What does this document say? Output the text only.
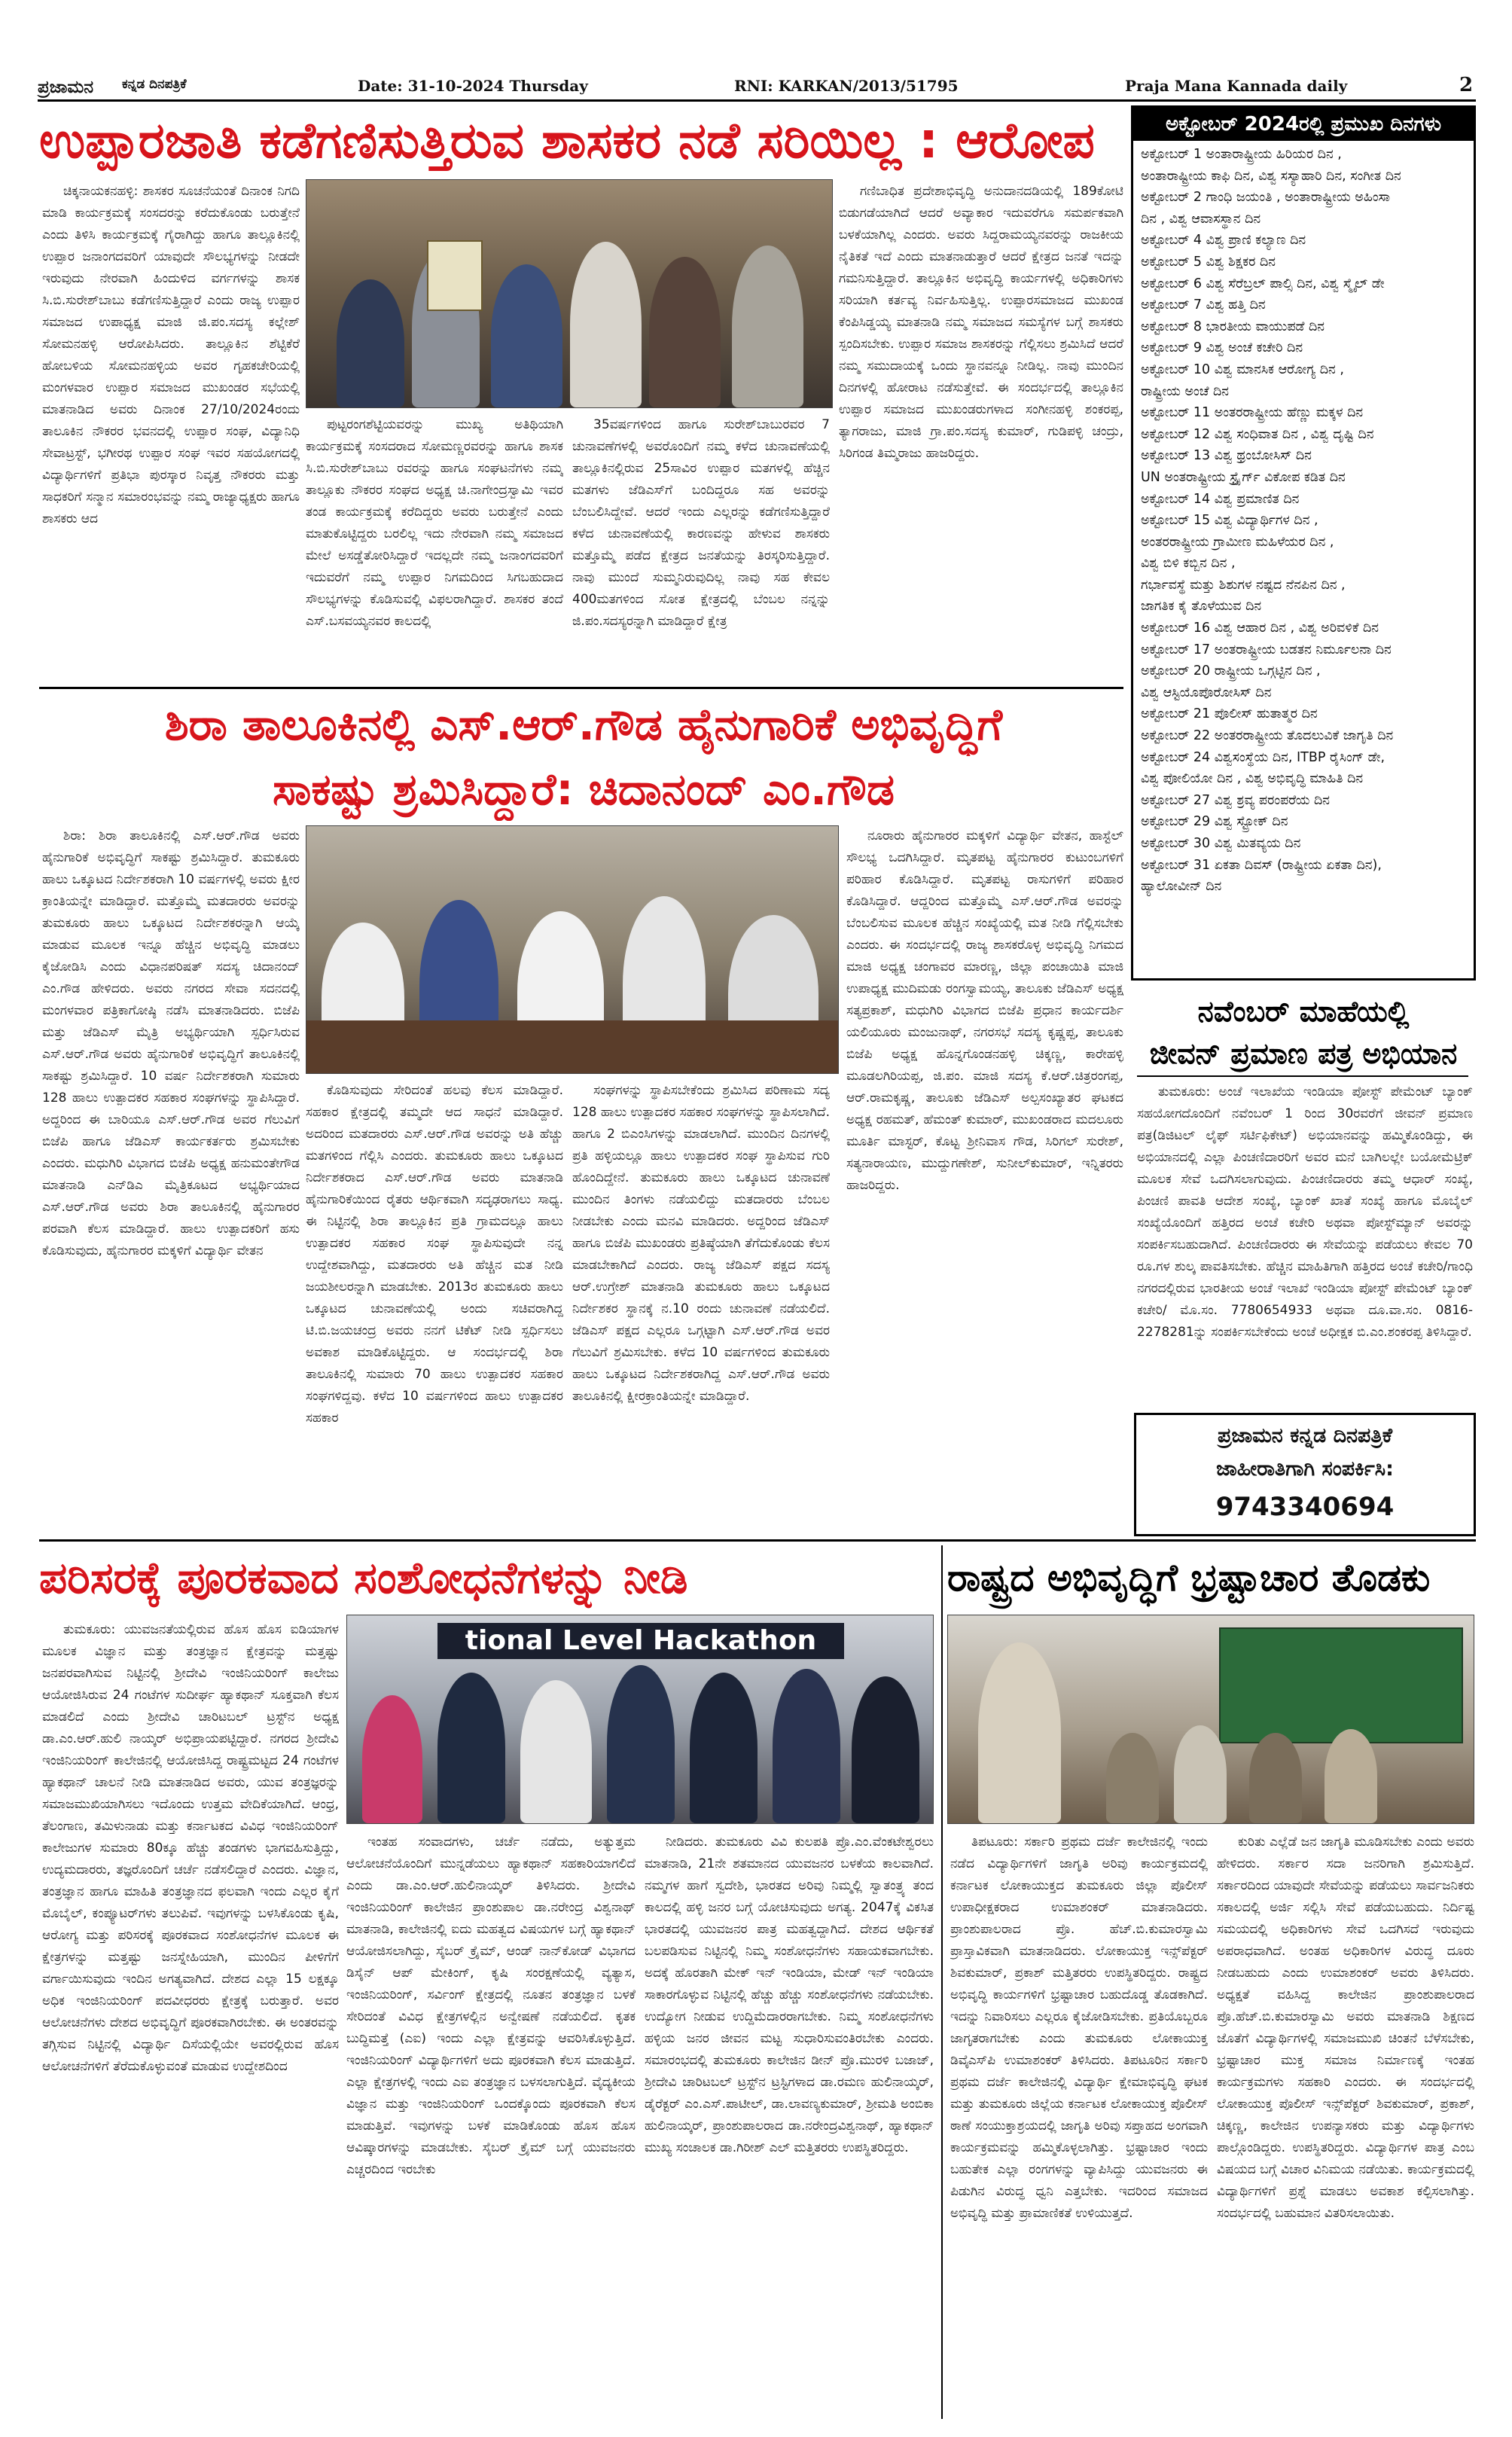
ಪ್ರಜಾಮನ ಕನ್ನಡ ದಿನಪತ್ರಿಕೆ	Date: 31-10-2024 Thursday	RNI: KARKAN/2013/51795	Praja Mana Kannada daily	2
ಉಪ್ಪಾರಜಾತಿ ಕಡೆಗಣಿಸುತ್ತಿರುವ ಶಾಸಕರ ನಡೆ ಸರಿಯಿಲ್ಲ : ಆರೋಪ

ಚಿಕ್ಕನಾಯಕನಹಳ್ಳಿ: ಶಾಸಕರ ಸೂಚನೆಯಂತೆ ದಿನಾಂಕ ನಿಗದಿ ಮಾಡಿ ಕಾರ್ಯಕ್ರಮಕ್ಕೆ ಸಂಸದರನ್ನು ಕರೆದುಕೊಂಡು ಬರುತ್ತೇನೆ ಎಂದು ತಿಳಿಸಿ ಕಾರ್ಯಕ್ರಮಕ್ಕೆ ಗೈರಾಗಿದ್ದು ಹಾಗೂ ತಾಲ್ಲೂಕಿನಲ್ಲಿ ಉಪ್ಪಾರ ಜನಾಂಗದವರಿಗೆ ಯಾವುದೇ ಸೌಲಭ್ಯಗಳನ್ನು ನೀಡದೇ ಇರುವುದು ನೇರವಾಗಿ ಹಿಂದುಳಿದ ವರ್ಗಗಳನ್ನು ಶಾಸಕ ಸಿ.ಬಿ.ಸುರೇಶ್‌ಬಾಬು ಕಡೆಗಣಿಸುತ್ತಿದ್ದಾರೆ ಎಂದು ರಾಜ್ಯ ಉಪ್ಪಾರ ಸಮಾಜದ ಉಪಾಧ್ಯಕ್ಷ ಮಾಜಿ ಜಿ.ಪಂ.ಸದಸ್ಯ ಕಲ್ಲೇಶ್ ಸೋಮನಹಳ್ಳಿ ಆರೋಪಿಸಿದರು. ತಾಲ್ಲೂಕಿನ ಶೆಟ್ಟಿಕೆರೆ ಹೋಬಳಿಯ ಸೋಮನಹಳ್ಳಿಯ ಅವರ ಗೃಹಕಚೇರಿಯಲ್ಲಿ ಮಂಗಳವಾರ ಉಪ್ಪಾರ ಸಮಾಜದ ಮುಖಂಡರ ಸಭೆಯಲ್ಲಿ ಮಾತನಾಡಿದ ಅವರು ದಿನಾಂಕ 27/10/2024ರಂದು ತಾಲೂಕಿನ ನೌಕರರ ಭವನದಲ್ಲಿ ಉಪ್ಪಾರ ಸಂಘ, ವಿದ್ಯಾನಿಧಿ ಸೇವಾಟ್ರಸ್ಟ್, ಭಗೀರಥ ಉಪ್ಪಾರ ಸಂಘ ಇವರ ಸಹಯೋಗದಲ್ಲಿ ವಿದ್ಯಾರ್ಥಿಗಳಿಗೆ ಪ್ರತಿಭಾ ಪುರಸ್ಕಾರ ನಿವೃತ್ತ ನೌಕರರು ಮತ್ತು ಸಾಧಕರಿಗೆ ಸನ್ಮಾನ ಸಮಾರಂಭವನ್ನು ನಮ್ಮ ರಾಜ್ಯಾಧ್ಯಕ್ಷರು ಹಾಗೂ ಶಾಸಕರು ಆದ

ಪುಟ್ಟರಂಗಶೆಟ್ಟಿಯವರನ್ನು ಮುಖ್ಯ ಅತಿಥಿಯಾಗಿ ಕಾರ್ಯಕ್ರಮಕ್ಕೆ ಸಂಸದರಾದ ಸೋಮಣ್ಣರವರನ್ನು ಹಾಗೂ ಶಾಸಕ ಸಿ.ಬಿ.ಸುರೇಶ್‌ಬಾಬು ರವರನ್ನು ಹಾಗೂ ಸಂಘಟನೆಗಳು ನಮ್ಮ ತಾಲ್ಲೂಕು ನೌಕರರ ಸಂಘದ ಅಧ್ಯಕ್ಷ ಚಿ.ನಾಗೇಂದ್ರಸ್ವಾಮಿ ಇವರ ತಂಡ ಕಾರ್ಯಕ್ರಮಕ್ಕೆ ಕರೆದಿದ್ದರು ಅವರು ಬರುತ್ತೇನೆ ಎಂದು ಮಾತುಕೊಟ್ಟಿದ್ದರು ಬರಲಿಲ್ಲ ಇದು ನೇರವಾಗಿ ನಮ್ಮ ಸಮಾಜದ ಮೇಲೆ ಅಸಡ್ಡೆತೋರಿಸಿದ್ದಾರೆ ಇದಲ್ಲದೇ ನಮ್ಮ ಜನಾಂಗದವರಿಗೆ ಇದುವರೆಗೆ ನಮ್ಮ ಉಪ್ಪಾರ ನಿಗಮದಿಂದ ಸಿಗಬಹುದಾದ ಸೌಲಭ್ಯಗಳನ್ನು ಕೊಡಿಸುವಲ್ಲಿ ವಿಫಲರಾಗಿದ್ದಾರೆ. ಶಾಸಕರ ತಂದೆ ಎಸ್.ಬಸವಯ್ಯನವರ ಕಾಲದಲ್ಲಿ

35ವರ್ಷಗಳಿಂದ ಹಾಗೂ ಸುರೇಶ್‌ಬಾಬುರವರ 7 ಚುನಾವಣೆಗಳಲ್ಲಿ ಅವರೊಂದಿಗೆ ನಮ್ಮ ಕಳೆದ ಚುನಾವಣೆಯಲ್ಲಿ ತಾಲ್ಲೂಕಿನಲ್ಲಿರುವ 25ಸಾವಿರ ಉಪ್ಪಾರ ಮತಗಳಲ್ಲಿ ಹೆಚ್ಚಿನ ಮತಗಳು ಜೆಡಿಎಸ್‌ಗೆ ಬಂದಿದ್ದರೂ ಸಹ ಅವರನ್ನು ಬೆಂಬಲಿಸಿದ್ದೇವೆ. ಆದರೆ ಇಂದು ಎಲ್ಲರನ್ನು ಕಡೆಗಣಿಸುತ್ತಿದ್ದಾರೆ ಕಳೆದ ಚುನಾವಣೆಯಲ್ಲಿ ಕಾರಣವನ್ನು ಹೇಳುವ ಶಾಸಕರು ಮತ್ತೊಮ್ಮೆ ಪಡೆದ ಕ್ಷೇತ್ರದ ಜನತೆಯನ್ನು ತಿರಸ್ಕರಿಸುತ್ತಿದ್ದಾರೆ. ನಾವು ಮುಂದೆ ಸುಮ್ಮನಿರುವುದಿಲ್ಲ ನಾವು ಸಹ ಕೇವಲ 400ಮತಗಳಿಂದ ಸೋತ ಕ್ಷೇತ್ರದಲ್ಲಿ ಬೆಂಬಲ ನನ್ನನ್ನು ಜಿ.ಪಂ.ಸದಸ್ಯರನ್ನಾಗಿ ಮಾಡಿದ್ದಾರೆ ಕ್ಷೇತ್ರ

ಗಣಿಬಾಧಿತ ಪ್ರದೇಶಾಭಿವೃದ್ಧಿ ಅನುದಾನದಡಿಯಲ್ಲಿ 189ಕೋಟಿ ಬಿಡುಗಡೆಯಾಗಿದೆ ಆದರೆ ಅವ್ಯಾಕಾರ ಇದುವರೆಗೂ ಸಮರ್ಪಕವಾಗಿ ಬಳಕೆಯಾಗಿಲ್ಲ ಎಂದರು. ಅವರು ಸಿದ್ದರಾಮಯ್ಯನವರನ್ನು ರಾಜಕೀಯ ನೈತಿಕತೆ ಇದೆ ಎಂದು ಮಾತನಾಡುತ್ತಾರೆ ಆದರೆ ಕ್ಷೇತ್ರದ ಜನತೆ ಇದನ್ನು ಗಮನಿಸುತ್ತಿದ್ದಾರೆ. ತಾಲ್ಲೂಕಿನ ಅಭಿವೃದ್ಧಿ ಕಾರ್ಯಗಳಲ್ಲಿ ಅಧಿಕಾರಿಗಳು ಸರಿಯಾಗಿ ಕರ್ತವ್ಯ ನಿರ್ವಹಿಸುತ್ತಿಲ್ಲ. ಉಪ್ಪಾರಸಮಾಜದ ಮುಖಂಡ ಕೆಂಪಿಸಿಡ್ಡಯ್ಯ ಮಾತನಾಡಿ ನಮ್ಮ ಸಮಾಜದ ಸಮಸ್ಯೆಗಳ ಬಗ್ಗೆ ಶಾಸಕರು ಸ್ಪಂದಿಸಬೇಕು. ಉಪ್ಪಾರ ಸಮಾಜ ಶಾಸಕರನ್ನು ಗೆಲ್ಲಿಸಲು ಶ್ರಮಿಸಿದೆ ಆದರೆ ನಮ್ಮ ಸಮುದಾಯಕ್ಕೆ ಒಂದು ಸ್ಥಾನವನ್ನೂ ನೀಡಿಲ್ಲ. ನಾವು ಮುಂದಿನ ದಿನಗಳಲ್ಲಿ ಹೋರಾಟ ನಡೆಸುತ್ತೇವೆ. ಈ ಸಂದರ್ಭದಲ್ಲಿ ತಾಲ್ಲೂಕಿನ ಉಪ್ಪಾರ ಸಮಾಜದ ಮುಖಂಡರುಗಳಾದ ಸಂಗೀನಹಳ್ಳಿ ಶಂಕರಪ್ಪ, ತ್ಯಾಗರಾಜು, ಮಾಜಿ ಗ್ರಾ.ಪಂ.ಸದಸ್ಯ ಕುಮಾರ್, ಗುಡಿಪಳ್ಳಿ ಚಂದ್ರು, ಸಿರಿಗಂಡ ತಿಮ್ಮರಾಜು ಹಾಜರಿದ್ದರು.

ಶಿರಾ ತಾಲೂಕಿನಲ್ಲಿ ಎಸ್.ಆರ್.ಗೌಡ ಹೈನುಗಾರಿಕೆ ಅಭಿವೃದ್ಧಿಗೆ
ಸಾಕಷ್ಟು ಶ್ರಮಿಸಿದ್ದಾರೆ: ಚಿದಾನಂದ್ ಎಂ.ಗೌಡ

ಶಿರಾ: ಶಿರಾ ತಾಲೂಕಿನಲ್ಲಿ ಎಸ್.ಆರ್.ಗೌಡ ಅವರು ಹೈನುಗಾರಿಕೆ ಅಭಿವೃದ್ಧಿಗೆ ಸಾಕಷ್ಟು ಶ್ರಮಿಸಿದ್ದಾರೆ. ತುಮಕೂರು ಹಾಲು ಒಕ್ಕೂಟದ ನಿರ್ದೇಶಕರಾಗಿ 10 ವರ್ಷಗಳಲ್ಲಿ ಅವರು ಕ್ಷೀರ ಕ್ರಾಂತಿಯನ್ನೇ ಮಾಡಿದ್ದಾರೆ. ಮತ್ತೊಮ್ಮೆ ಮತದಾರರು ಅವರನ್ನು ತುಮಕೂರು ಹಾಲು ಒಕ್ಕೂಟದ ನಿರ್ದೇಶಕರನ್ನಾಗಿ ಆಯ್ಕೆ ಮಾಡುವ ಮೂಲಕ ಇನ್ನೂ ಹೆಚ್ಚಿನ ಅಭಿವೃದ್ಧಿ ಮಾಡಲು ಕೈಜೋಡಿಸಿ ಎಂದು ವಿಧಾನಪರಿಷತ್ ಸದಸ್ಯ ಚಿದಾನಂದ್ ಎಂ.ಗೌಡ ಹೇಳಿದರು. ಅವರು ನಗರದ ಸೇವಾ ಸದನದಲ್ಲಿ ಮಂಗಳವಾರ ಪತ್ರಿಕಾಗೋಷ್ಠಿ ನಡೆಸಿ ಮಾತನಾಡಿದರು. ಬಿಜೆಪಿ ಮತ್ತು ಜೆಡಿಎಸ್ ಮೈತ್ರಿ ಅಭ್ಯರ್ಥಿಯಾಗಿ ಸ್ಪರ್ಧಿಸಿರುವ ಎಸ್.ಆರ್.ಗೌಡ ಅವರು ಹೈನುಗಾರಿಕೆ ಅಭಿವೃದ್ಧಿಗೆ ತಾಲೂಕಿನಲ್ಲಿ ಸಾಕಷ್ಟು ಶ್ರಮಿಸಿದ್ದಾರೆ. 10 ವರ್ಷ ನಿರ್ದೇಶಕರಾಗಿ ಸುಮಾರು 128 ಹಾಲು ಉತ್ಪಾದಕರ ಸಹಕಾರ ಸಂಘಗಳನ್ನು ಸ್ಥಾಪಿಸಿದ್ದಾರೆ. ಅದ್ದರಿಂದ ಈ ಬಾರಿಯೂ ಎಸ್.ಆರ್.ಗೌಡ ಅವರ ಗೆಲುವಿಗೆ ಬಿಜೆಪಿ ಹಾಗೂ ಜೆಡಿಎಸ್ ಕಾರ್ಯಕರ್ತರು ಶ್ರಮಿಸಬೇಕು ಎಂದರು. ಮಧುಗಿರಿ ವಿಭಾಗದ ಬಿಜೆಪಿ ಅಧ್ಯಕ್ಷ ಹನುಮಂತೇಗೌಡ ಮಾತನಾಡಿ ಎನ್‌ಡಿಎ ಮೈತ್ರಿಕೂಟದ ಅಭ್ಯರ್ಥಿಯಾದ ಎಸ್.ಆರ್.ಗೌಡ ಅವರು ಶಿರಾ ತಾಲೂಕಿನಲ್ಲಿ ಹೈನುಗಾರರ ಪರವಾಗಿ ಕೆಲಸ ಮಾಡಿದ್ದಾರೆ. ಹಾಲು ಉತ್ಪಾದಕರಿಗೆ ಹಸು ಕೊಡಿಸುವುದು, ಹೈನುಗಾರರ ಮಕ್ಕಳಿಗೆ ವಿದ್ಯಾರ್ಥಿ ವೇತನ

ಕೊಡಿಸುವುದು ಸೇರಿದಂತೆ ಹಲವು ಕೆಲಸ ಮಾಡಿದ್ದಾರೆ. ಸಹಕಾರ ಕ್ಷೇತ್ರದಲ್ಲಿ ತಮ್ಮದೇ ಆದ ಸಾಧನೆ ಮಾಡಿದ್ದಾರೆ. ಅದರಿಂದ ಮತದಾರರು ಎಸ್.ಆರ್.ಗೌಡ ಅವರನ್ನು ಅತಿ ಹೆಚ್ಚು ಮತಗಳಿಂದ ಗೆಲ್ಲಿಸಿ ಎಂದರು. ತುಮಕೂರು ಹಾಲು ಒಕ್ಕೂಟದ ನಿರ್ದೇಶಕರಾದ ಎಸ್.ಆರ್.ಗೌಡ ಅವರು ಮಾತನಾಡಿ ಹೈನುಗಾರಿಕೆಯಿಂದ ರೈತರು ಆರ್ಥಿಕವಾಗಿ ಸದೃಢರಾಗಲು ಸಾಧ್ಯ. ಈ ನಿಟ್ಟಿನಲ್ಲಿ ಶಿರಾ ತಾಲ್ಲೂಕಿನ ಪ್ರತಿ ಗ್ರಾಮದಲ್ಲೂ ಹಾಲು ಉತ್ಪಾದಕರ ಸಹಕಾರ ಸಂಘ ಸ್ಥಾಪಿಸುವುದೇ ನನ್ನ ಉದ್ದೇಶವಾಗಿದ್ದು, ಮತದಾರರು ಅತಿ ಹೆಚ್ಚಿನ ಮತ ನೀಡಿ ಜಯಶೀಲರನ್ನಾಗಿ ಮಾಡಬೇಕು. 2013ರ ತುಮಕೂರು ಹಾಲು ಒಕ್ಕೂಟದ ಚುನಾವಣೆಯಲ್ಲಿ ಅಂದು ಸಚಿವರಾಗಿದ್ದ ಟಿ.ಬಿ.ಜಯಚಂದ್ರ ಅವರು ನನಗೆ ಟಿಕೆಟ್ ನೀಡಿ ಸ್ಪರ್ಧಿಸಲು ಅವಕಾಶ ಮಾಡಿಕೊಟ್ಟಿದ್ದರು. ಆ ಸಂದರ್ಭದಲ್ಲಿ ಶಿರಾ ತಾಲೂಕಿನಲ್ಲಿ ಸುಮಾರು 70 ಹಾಲು ಉತ್ಪಾದಕರ ಸಹಕಾರ ಸಂಘಗಳಿದ್ದವು. ಕಳೆದ 10 ವರ್ಷಗಳಿಂದ ಹಾಲು ಉತ್ಪಾದಕರ ಸಹಕಾರ

ಸಂಘಗಳನ್ನು ಸ್ಥಾಪಿಸಬೇಕೆಂದು ಶ್ರಮಿಸಿದ ಪರಿಣಾಮ ಸದ್ಯ 128 ಹಾಲು ಉತ್ಪಾದಕರ ಸಹಕಾರ ಸಂಘಗಳನ್ನು ಸ್ಥಾಪಿಸಲಾಗಿದೆ. ಹಾಗೂ 2 ಬಿಎಂಸಿಗಳನ್ನು ಮಾಡಲಾಗಿದೆ. ಮುಂದಿನ ದಿನಗಳಲ್ಲಿ ಪ್ರತಿ ಹಳ್ಳಿಯಲ್ಲೂ ಹಾಲು ಉತ್ಪಾದಕರ ಸಂಘ ಸ್ಥಾಪಿಸುವ ಗುರಿ ಹೊಂದಿದ್ದೇನೆ. ತುಮಕೂರು ಹಾಲು ಒಕ್ಕೂಟದ ಚುನಾವಣೆ ಮುಂದಿನ ತಿಂಗಳು ನಡೆಯಲಿದ್ದು ಮತದಾರರು ಬೆಂಬಲ ನೀಡಬೇಕು ಎಂದು ಮನವಿ ಮಾಡಿದರು. ಅದ್ದರಿಂದ ಜೆಡಿಎಸ್ ಹಾಗೂ ಬಿಜೆಪಿ ಮುಖಂಡರು ಪ್ರತಿಷ್ಠೆಯಾಗಿ ತೆಗೆದುಕೊಂಡು ಕೆಲಸ ಮಾಡಬೇಕಾಗಿದೆ ಎಂದರು. ರಾಜ್ಯ ಜೆಡಿಎಸ್ ಪಕ್ಷದ ಸದಸ್ಯ ಆರ್.ಉಗ್ರೇಶ್ ಮಾತನಾಡಿ ತುಮಕೂರು ಹಾಲು ಒಕ್ಕೂಟದ ನಿರ್ದೇಶಕರ ಸ್ಥಾನಕ್ಕೆ ನ.10 ರಂದು ಚುನಾವಣೆ ನಡೆಯಲಿದೆ. ಜೆಡಿಎಸ್ ಪಕ್ಷದ ಎಲ್ಲರೂ ಒಗ್ಗಟ್ಟಾಗಿ ಎಸ್.ಆರ್.ಗೌಡ ಅವರ ಗೆಲುವಿಗೆ ಶ್ರಮಿಸಬೇಕು. ಕಳೆದ 10 ವರ್ಷಗಳಿಂದ ತುಮಕೂರು ಹಾಲು ಒಕ್ಕೂಟದ ನಿರ್ದೇಶಕರಾಗಿದ್ದ ಎಸ್.ಆರ್.ಗೌಡ ಅವರು ತಾಲೂಕಿನಲ್ಲಿ ಕ್ಷೀರಕ್ರಾಂತಿಯನ್ನೇ ಮಾಡಿದ್ದಾರೆ.

ನೂರಾರು ಹೈನುಗಾರರ ಮಕ್ಕಳಿಗೆ ವಿದ್ಯಾರ್ಥಿ ವೇತನ, ಹಾಸ್ಟೆಲ್ ಸೌಲಭ್ಯ ಒದಗಿಸಿದ್ದಾರೆ. ಮೃತಪಟ್ಟ ಹೈನುಗಾರರ ಕುಟುಂಬಗಳಿಗೆ ಪರಿಹಾರ ಕೊಡಿಸಿದ್ದಾರೆ. ಮೃತಪಟ್ಟ ರಾಸುಗಳಿಗೆ ಪರಿಹಾರ ಕೊಡಿಸಿದ್ದಾರೆ. ಆದ್ದರಿಂದ ಮತ್ತೊಮ್ಮೆ ಎಸ್.ಆರ್.ಗೌಡ ಅವರನ್ನು ಬೆಂಬಲಿಸುವ ಮೂಲಕ ಹೆಚ್ಚಿನ ಸಂಖ್ಯೆಯಲ್ಲಿ ಮತ ನೀಡಿ ಗೆಲ್ಲಿಸಬೇಕು ಎಂದರು. ಈ ಸಂದರ್ಭದಲ್ಲಿ ರಾಜ್ಯ ಶಾಸಕರೊಳ್ಳ ಅಭಿವೃದ್ಧಿ ನಿಗಮದ ಮಾಜಿ ಅಧ್ಯಕ್ಷ ಚಂಗಾವರ ಮಾರಣ್ಣ, ಜಿಲ್ಲಾ ಪಂಚಾಯಿತಿ ಮಾಜಿ ಉಪಾಧ್ಯಕ್ಷ ಮುದಿಮಡು ರಂಗಸ್ವಾಮಯ್ಯ, ತಾಲೂಕು ಜೆಡಿಎಸ್ ಅಧ್ಯಕ್ಷ ಸತ್ಯಪ್ರಕಾಶ್, ಮಧುಗಿರಿ ವಿಭಾಗದ ಬಿಜೆಪಿ ಪ್ರಧಾನ ಕಾರ್ಯದರ್ಶಿ ಯಲಿಯೂರು ಮಂಜುನಾಥ್, ನಗರಸಭೆ ಸದಸ್ಯ ಕೃಷ್ಣಪ್ಪ, ತಾಲೂಕು ಬಿಜೆಪಿ ಅಧ್ಯಕ್ಷ ಹೊನ್ನಗೊಂಡನಹಳ್ಳಿ ಚಿಕ್ಕಣ್ಣ, ಕಾರೇಹಳ್ಳಿ ಮೂಡಲಗಿರಿಯಪ್ಪ, ಜಿ.ಪಂ. ಮಾಜಿ ಸದಸ್ಯ ಕೆ.ಆರ್.ಚಿತ್ರರಂಗಪ್ಪ, ಆರ್.ರಾಮಕೃಷ್ಣ, ತಾಲೂಕು ಜೆಡಿಎಸ್ ಅಲ್ಪಸಂಖ್ಯಾತರ ಘಟಕದ ಅಧ್ಯಕ್ಷ ರಹಮತ್, ಹೆಮಂತ್ ಕುಮಾರ್, ಮುಖಂಡರಾದ ಮದಲೂರು ಮೂರ್ತಿ ಮಾಸ್ಟರ್, ಕೊಟ್ಟ ಶ್ರೀನಿವಾಸ ಗೌಡ, ಸಿರಿಗಲ್ ಸುರೇಶ್, ಸತ್ಯನಾರಾಯಣ, ಮುದ್ದುಗಣೇಶ್, ಸುನೀಲ್‌ಕುಮಾರ್, ಇನ್ನಿತರರು ಹಾಜರಿದ್ದರು.

ಅಕ್ಟೋಬರ್ 2024ರಲ್ಲಿ ಪ್ರಮುಖ ದಿನಗಳು
ಅಕ್ಟೋಬರ್ 1 ಅಂತಾರಾಷ್ಟ್ರೀಯ ಹಿರಿಯರ ದಿನ ,
ಅಂತಾರಾಷ್ಟ್ರೀಯ ಕಾಫಿ ದಿನ, ವಿಶ್ವ ಸಸ್ಯಾಹಾರಿ ದಿನ, ಸಂಗೀತ ದಿನ
ಅಕ್ಟೋಬರ್ 2 ಗಾಂಧಿ ಜಯಂತಿ , ಅಂತಾರಾಷ್ಟ್ರೀಯ ಅಹಿಂಸಾ
ದಿನ , ವಿಶ್ವ ಆವಾಸಸ್ಥಾನ ದಿನ
ಅಕ್ಟೋಬರ್ 4 ವಿಶ್ವ ಪ್ರಾಣಿ ಕಲ್ಯಾಣ ದಿನ
ಅಕ್ಟೋಬರ್ 5 ವಿಶ್ವ ಶಿಕ್ಷಕರ ದಿನ
ಅಕ್ಟೋಬರ್ 6 ವಿಶ್ವ ಸೆರೆಬ್ರಲ್ ಪಾಲ್ಸಿ ದಿನ, ವಿಶ್ವ ಸ್ಮೈಲ್ ಡೇ
ಅಕ್ಟೋಬರ್ 7 ವಿಶ್ವ ಹತ್ತಿ ದಿನ
ಅಕ್ಟೋಬರ್ 8 ಭಾರತೀಯ ವಾಯುಪಡೆ ದಿನ
ಅಕ್ಟೋಬರ್ 9 ವಿಶ್ವ ಅಂಚೆ ಕಚೇರಿ ದಿನ
ಅಕ್ಟೋಬರ್ 10 ವಿಶ್ವ ಮಾನಸಿಕ ಆರೋಗ್ಯ ದಿನ ,
ರಾಷ್ಟ್ರೀಯ ಅಂಚೆ ದಿನ
ಅಕ್ಟೋಬರ್ 11 ಅಂತರರಾಷ್ಟ್ರೀಯ ಹೆಣ್ಣು ಮಕ್ಕಳ ದಿನ
ಅಕ್ಟೋಬರ್ 12 ವಿಶ್ವ ಸಂಧಿವಾತ ದಿನ , ವಿಶ್ವ ದೃಷ್ಟಿ ದಿನ
ಅಕ್ಟೋಬರ್ 13 ವಿಶ್ವ ಥ್ರಂಬೋಸಿಸ್ ದಿನ
UN ಅಂತರಾಷ್ಟ್ರೀಯ ಸ್ಟ್ರೈರ್ಗ್ ವಿಕೋಪ ಕಡಿತ ದಿನ
ಅಕ್ಟೋಬರ್ 14 ವಿಶ್ವ ಪ್ರಮಾಣಿತ ದಿನ
ಅಕ್ಟೋಬರ್ 15 ವಿಶ್ವ ವಿದ್ಯಾರ್ಥಿಗಳ ದಿನ ,
ಅಂತರರಾಷ್ಟ್ರೀಯ ಗ್ರಾಮೀಣ ಮಹಿಳೆಯರ ದಿನ ,
ವಿಶ್ವ ಬಿಳಿ ಕಬ್ಬಿನ ದಿನ ,
ಗರ್ಭಾವಸ್ಥೆ ಮತ್ತು ಶಿಶುಗಳ ನಷ್ಟದ ನೆನಪಿನ ದಿನ ,
ಜಾಗತಿಕ ಕೈ ತೊಳೆಯುವ ದಿನ
ಅಕ್ಟೋಬರ್ 16 ವಿಶ್ವ ಆಹಾರ ದಿನ , ವಿಶ್ವ ಅರಿವಳಿಕೆ ದಿನ
ಅಕ್ಟೋಬರ್ 17 ಅಂತರಾಷ್ಟ್ರೀಯ ಬಡತನ ನಿರ್ಮೂಲನಾ ದಿನ
ಅಕ್ಟೋಬರ್ 20 ರಾಷ್ಟ್ರೀಯ ಒಗ್ಗಟ್ಟಿನ ದಿನ ,
ವಿಶ್ವ ಆಸ್ಟಿಯೊಪೊರೋಸಿಸ್ ದಿನ
ಅಕ್ಟೋಬರ್ 21 ಪೊಲೀಸ್ ಹುತಾತ್ಮರ ದಿನ
ಅಕ್ಟೋಬರ್ 22 ಅಂತರರಾಷ್ಟ್ರೀಯ ತೊದಲುವಿಕೆ ಜಾಗೃತಿ ದಿನ
ಅಕ್ಟೋಬರ್ 24 ವಿಶ್ವಸಂಸ್ಥೆಯ ದಿನ, ITBP ರೈಸಿಂಗ್ ಡೇ,
ವಿಶ್ವ ಪೋಲಿಯೋ ದಿನ , ವಿಶ್ವ ಅಭಿವೃದ್ಧಿ ಮಾಹಿತಿ ದಿನ
ಅಕ್ಟೋಬರ್ 27 ವಿಶ್ವ ಶ್ರವ್ಯ ಪರಂಪರೆಯ ದಿನ
ಅಕ್ಟೋಬರ್ 29 ವಿಶ್ವ ಸ್ಟ್ರೋಕ್ ದಿನ
ಅಕ್ಟೋಬರ್ 30 ವಿಶ್ವ ಮಿತವ್ಯಯ ದಿನ
ಅಕ್ಟೋಬರ್ 31 ಏಕತಾ ದಿವಸ್ (ರಾಷ್ಟ್ರೀಯ ಏಕತಾ ದಿನ),
ಹ್ಯಾಲೋವೀನ್ ದಿನ
ನವೆಂಬರ್ ಮಾಹೆಯಲ್ಲಿ
ಜೀವನ್ ಪ್ರಮಾಣ ಪತ್ರ ಅಭಿಯಾನ

ತುಮಕೂರು: ಅಂಚೆ ಇಲಾಖೆಯ ಇಂಡಿಯಾ ಪೋಸ್ಟ್ ಪೇಮೆಂಟ್ ಬ್ಯಾಂಕ್ ಸಹಯೋಗದೊಂದಿಗೆ ನವೆಂಬರ್ 1 ರಿಂದ 30ರವರೆಗೆ ಜೀವನ್ ಪ್ರಮಾಣ ಪತ್ರ(ಡಿಜಿಟಲ್ ಲೈಫ್ ಸರ್ಟಿಫಿಕೇಟ್) ಅಭಿಯಾನವನ್ನು ಹಮ್ಮಿಕೊಂಡಿದ್ದು, ಈ ಅಭಿಯಾನದಲ್ಲಿ ಎಲ್ಲಾ ಪಿಂಚಣಿದಾರರಿಗೆ ಅವರ ಮನೆ ಬಾಗಿಲಲ್ಲೇ ಬಯೋಮೆಟ್ರಿಕ್ ಮೂಲಕ ಸೇವೆ ಒದಗಿಸಲಾಗುವುದು. ಪಿಂಚಣಿದಾರರು ತಮ್ಮ ಆಧಾರ್ ಸಂಖ್ಯೆ, ಪಿಂಚಣಿ ಪಾವತಿ ಆದೇಶ ಸಂಖ್ಯೆ, ಬ್ಯಾಂಕ್ ಖಾತೆ ಸಂಖ್ಯೆ ಹಾಗೂ ಮೊಬೈಲ್ ಸಂಖ್ಯೆಯೊಂದಿಗೆ ಹತ್ತಿರದ ಅಂಚೆ ಕಚೇರಿ ಅಥವಾ ಪೋಸ್ಟ್‌ಮ್ಯಾನ್ ಅವರನ್ನು ಸಂಪರ್ಕಿಸಬಹುದಾಗಿದೆ. ಪಿಂಚಣಿದಾರರು ಈ ಸೇವೆಯನ್ನು ಪಡೆಯಲು ಕೇವಲ 70 ರೂ.ಗಳ ಶುಲ್ಕ ಪಾವತಿಸಬೇಕು. ಹೆಚ್ಚಿನ ಮಾಹಿತಿಗಾಗಿ ಹತ್ತಿರದ ಅಂಚೆ ಕಚೇರಿ/ಗಾಂಧಿ ನಗರದಲ್ಲಿರುವ ಭಾರತೀಯ ಅಂಚೆ ಇಲಾಖೆ ಇಂಡಿಯಾ ಪೋಸ್ಟ್ ಪೇಮೆಂಟ್ ಬ್ಯಾಂಕ್ ಕಚೇರಿ/ ಮೊ.ಸಂ. 7780654933 ಅಥವಾ ದೂ.ವಾ.ಸಂ. 0816-2278281ನ್ನು ಸಂಪರ್ಕಿಸಬೇಕೆಂದು ಅಂಚೆ ಅಧೀಕ್ಷಕ ಬಿ.ಎಂ.ಶಂಕರಪ್ಪ ತಿಳಿಸಿದ್ದಾರೆ.

ಪ್ರಜಾಮನ ಕನ್ನಡ ದಿನಪತ್ರಿಕೆ
ಜಾಹೀರಾತಿಗಾಗಿ ಸಂಪರ್ಕಿಸಿ:
9743340694
ಪರಿಸರಕ್ಕೆ ಪೂರಕವಾದ ಸಂಶೋಧನೆಗಳನ್ನು ನೀಡಿ

ತುಮಕೂರು: ಯುವಜನತೆಯಲ್ಲಿರುವ ಹೊಸ ಹೊಸ ಐಡಿಯಾಗಳ ಮೂಲಕ ವಿಜ್ಞಾನ ಮತ್ತು ತಂತ್ರಜ್ಞಾನ ಕ್ಷೇತ್ರವನ್ನು ಮತ್ತಷ್ಟು ಜನಪರವಾಗಿಸುವ ನಿಟ್ಟಿನಲ್ಲಿ ಶ್ರೀದೇವಿ ಇಂಜಿನಿಯರಿಂಗ್ ಕಾಲೇಜು ಆಯೋಜಿಸಿರುವ 24 ಗಂಟೆಗಳ ಸುದೀರ್ಘ ಹ್ಯಾಕಥಾನ್ ಸೂಕ್ತವಾಗಿ ಕೆಲಸ ಮಾಡಲಿದೆ ಎಂದು ಶ್ರೀದೇವಿ ಚಾರಿಟಬಲ್ ಟ್ರಸ್ಟ್‌ನ ಅಧ್ಯಕ್ಷ ಡಾ.ಎಂ.ಆರ್.ಹುಲಿ ನಾಯ್ಕರ್ ಅಭಿಪ್ರಾಯಪಟ್ಟಿದ್ದಾರೆ. ನಗರದ ಶ್ರೀದೇವಿ ಇಂಜಿನಿಯರಿಂಗ್ ಕಾಲೇಜಿನಲ್ಲಿ ಆಯೋಜಿಸಿದ್ದ ರಾಷ್ಟ್ರಮಟ್ಟದ 24 ಗಂಟೆಗಳ ಹ್ಯಾಕಥಾನ್ ಚಾಲನೆ ನೀಡಿ ಮಾತನಾಡಿದ ಅವರು, ಯುವ ತಂತ್ರಜ್ಞರನ್ನು ಸಮಾಜಮುಖಿಯಾಗಿಸಲು ಇದೊಂದು ಉತ್ತಮ ವೇದಿಕೆಯಾಗಿದೆ. ಆಂಧ್ರ, ತೆಲಂಗಾಣ, ತಮಿಳುನಾಡು ಮತ್ತು ಕರ್ನಾಟಕದ ವಿವಿಧ ಇಂಜಿನಿಯರಿಂಗ್ ಕಾಲೇಜುಗಳ ಸುಮಾರು 80ಕ್ಕೂ ಹೆಚ್ಚು ತಂಡಗಳು ಭಾಗವಹಿಸುತ್ತಿದ್ದು, ಉದ್ಯಮದಾರರು, ತಜ್ಞರೊಂದಿಗೆ ಚರ್ಚೆ ನಡೆಸಲಿದ್ದಾರೆ ಎಂದರು. ವಿಜ್ಞಾನ, ತಂತ್ರಜ್ಞಾನ ಹಾಗೂ ಮಾಹಿತಿ ತಂತ್ರಜ್ಞಾನದ ಫಲವಾಗಿ ಇಂದು ಎಲ್ಲರ ಕೈಗೆ ಮೊಬೈಲ್, ಕಂಪ್ಯೂಟರ್‌ಗಳು ತಲುಪಿವೆ. ಇವುಗಳನ್ನು ಬಳಸಿಕೊಂಡು ಕೃಷಿ, ಆರೋಗ್ಯ ಮತ್ತು ಪರಿಸರಕ್ಕೆ ಪೂರಕವಾದ ಸಂಶೋಧನೆಗಳ ಮೂಲಕ ಈ ಕ್ಷೇತ್ರಗಳನ್ನು ಮತ್ತಷ್ಟು ಜನಸ್ನೇಹಿಯಾಗಿ, ಮುಂದಿನ ಪೀಳಿಗೆಗೆ ವರ್ಗಾಯಿಸುವುದು ಇಂದಿನ ಅಗತ್ಯವಾಗಿದೆ. ದೇಶದ ಎಲ್ಲಾ 15 ಲಕ್ಷಕ್ಕೂ ಅಧಿಕ ಇಂಜಿನಿಯರಿಂಗ್ ಪದವೀಧರರು ಕ್ಷೇತ್ರಕ್ಕೆ ಬರುತ್ತಾರೆ. ಅವರ ಆಲೋಚನೆಗಳು ದೇಶದ ಅಭಿವೃದ್ಧಿಗೆ ಪೂರಕವಾಗಿರಬೇಕು. ಈ ಅಂತರವನ್ನು ತಗ್ಗಿಸುವ ನಿಟ್ಟಿನಲ್ಲಿ ವಿದ್ಯಾರ್ಥಿ ದಿಸೆಯಲ್ಲಿಯೇ ಅವರಲ್ಲಿರುವ ಹೊಸ ಆಲೋಚನೆಗಳಿಗೆ ತೆರೆದುಕೊಳ್ಳುವಂತೆ ಮಾಡುವ ಉದ್ದೇಶದಿಂದ

tional Level Hackathon

ಇಂತಹ ಸಂವಾದಗಳು, ಚರ್ಚೆ ನಡೆದು, ಅತ್ಯುತ್ತಮ ಆಲೋಚನೆಯೊಂದಿಗೆ ಮುನ್ನಡೆಯಲು ಹ್ಯಾಕಥಾನ್ ಸಹಕಾರಿಯಾಗಲಿದೆ ಎಂದು ಡಾ.ಎಂ.ಆರ್.ಹುಲಿನಾಯ್ಕರ್ ತಿಳಿಸಿದರು. ಶ್ರೀದೇವಿ ಇಂಜಿನಿಯರಿಂಗ್ ಕಾಲೇಜಿನ ಪ್ರಾಂಶುಪಾಲ ಡಾ.ನರೇಂದ್ರ ವಿಶ್ವನಾಥ್ ಮಾತನಾಡಿ, ಕಾಲೇಜಿನಲ್ಲಿ ಐದು ಮಹತ್ವದ ವಿಷಯಗಳ ಬಗ್ಗೆ ಹ್ಯಾಕಥಾನ್ ಆಯೋಜಿಸಲಾಗಿದ್ದು, ಸೈಬರ್ ಕ್ರೈಮ್, ಆಂಡ್ ನಾನ್‌ಕೋಡ್ ವಿಭಾಗದ ಡಿಸೈನ್ ಆಪ್ ಮೇಕಿಂಗ್, ಕೃಷಿ ಸಂರಕ್ಷಣೆಯಲ್ಲಿ ವ್ಯತ್ಯಾಸ, ಇಂಜಿನಿಯರಿಂಗ್, ಸರ್ವಿಂಗ್ ಕ್ಷೇತ್ರದಲ್ಲಿ ನೂತನ ತಂತ್ರಜ್ಞಾನ ಬಳಕೆ ಸೇರಿದಂತೆ ವಿವಿಧ ಕ್ಷೇತ್ರಗಳಲ್ಲಿನ ಅನ್ವೇಷಣೆ ನಡೆಯಲಿದೆ. ಕೃತಕ ಬುದ್ಧಿಮತ್ತೆ (ಎಐ) ಇಂದು ಎಲ್ಲಾ ಕ್ಷೇತ್ರವನ್ನು ಆವರಿಸಿಕೊಳ್ಳುತ್ತಿದೆ. ಇಂಜಿನಿಯರಿಂಗ್ ವಿದ್ಯಾರ್ಥಿಗಳಿಗೆ ಅದು ಪೂರಕವಾಗಿ ಕೆಲಸ ಮಾಡುತ್ತಿದೆ. ಎಲ್ಲಾ ಕ್ಷೇತ್ರಗಳಲ್ಲಿ ಇಂದು ಎಐ ತಂತ್ರಜ್ಞಾನ ಬಳಸಲಾಗುತ್ತಿದೆ. ವೈದ್ಯಕೀಯ ವಿಜ್ಞಾನ ಮತ್ತು ಇಂಜಿನಿಯರಿಂಗ್ ಒಂದಕ್ಕೊಂದು ಪೂರಕವಾಗಿ ಕೆಲಸ ಮಾಡುತ್ತಿವೆ. ಇವುಗಳನ್ನು ಬಳಕೆ ಮಾಡಿಕೊಂಡು ಹೊಸ ಹೊಸ ಆವಿಷ್ಕಾರಗಳನ್ನು ಮಾಡಬೇಕು. ಸೈಬರ್ ಕ್ರೈಮ್ ಬಗ್ಗೆ ಯುವಜನರು ಎಚ್ಚರದಿಂದ ಇರಬೇಕು

ನೀಡಿದರು. ತುಮಕೂರು ವಿವಿ ಕುಲಪತಿ ಪ್ರೊ.ಎಂ.ವೆಂಕಟೇಶ್ವರಲು ಮಾತನಾಡಿ, 21ನೇ ಶತಮಾನದ ಯುವಜನರ ಬಳಕೆಯ ಕಾಲವಾಗಿದೆ. ನಮ್ಮಗಳ ಹಾಗೆ ಸ್ವದೇಶಿ, ಭಾರತದ ಅರಿವು ನಿಮ್ಮಲ್ಲಿ ಸ್ವಾತಂತ್ರ್ಯ ತಂದ ಕಾಲದಲ್ಲಿ ಹಳ್ಳಿ ಜನರ ಬಗ್ಗೆ ಯೋಚಿಸುವುದು ಅಗತ್ಯ. 2047ಕ್ಕೆ ವಿಕಸಿತ ಭಾರತದಲ್ಲಿ ಯುವಜನರ ಪಾತ್ರ ಮಹತ್ವದ್ದಾಗಿದೆ. ದೇಶದ ಆರ್ಥಿಕತೆ ಬಲಪಡಿಸುವ ನಿಟ್ಟಿನಲ್ಲಿ ನಿಮ್ಮ ಸಂಶೋಧನೆಗಳು ಸಹಾಯಕವಾಗಬೇಕು. ಅದಕ್ಕೆ ಹೊರತಾಗಿ ಮೇಕ್ ಇನ್ ಇಂಡಿಯಾ, ಮೇಡ್ ಇನ್ ಇಂಡಿಯಾ ಸಾಕಾರಗೊಳ್ಳುವ ನಿಟ್ಟಿನಲ್ಲಿ ಹೆಚ್ಚು ಹೆಚ್ಚು ಸಂಶೋಧನೆಗಳು ನಡೆಯಬೇಕು. ಉದ್ಯೋಗ ನೀಡುವ ಉದ್ದಿಮೆದಾರರಾಗಬೇಕು. ನಿಮ್ಮ ಸಂಶೋಧನೆಗಳು ಹಳ್ಳಿಯ ಜನರ ಜೀವನ ಮಟ್ಟ ಸುಧಾರಿಸುವಂತಿರಬೇಕು ಎಂದರು. ಸಮಾರಂಭದಲ್ಲಿ ತುಮಕೂರು ಕಾಲೇಜಿನ ಡೀನ್ ಪ್ರೊ.ಮುರಳಿ ಬಜಾಜ್, ಶ್ರೀದೇವಿ ಚಾರಿಟಬಲ್ ಟ್ರಸ್ಟ್‌ನ ಟ್ರಸ್ಟಿಗಳಾದ ಡಾ.ರಮಣ ಹುಲಿನಾಯ್ಕರ್, ಡೈರೆಕ್ಟರ್ ಎಂ.ಎಸ್.ಪಾಟೀಲ್, ಡಾ.ಲಾವಣ್ಯಕುಮಾರ್, ಶ್ರೀಮತಿ ಅಂಬಿಕಾ ಹುಲಿನಾಯ್ಕರ್, ಪ್ರಾಂಶುಪಾಲರಾದ ಡಾ.ನರೇಂದ್ರವಿಶ್ವನಾಥ್, ಹ್ಯಾಕಥಾನ್ ಮುಖ್ಯ ಸಂಚಾಲಕ ಡಾ.ಗಿರೀಶ್ ಎಲ್ ಮತ್ತಿತರರು ಉಪಸ್ಥಿತರಿದ್ದರು.

ರಾಷ್ಟ್ರದ ಅಭಿವೃದ್ಧಿಗೆ ಭ್ರಷ್ಟಾಚಾರ ತೊಡಕು

ತಿಪಟೂರು: ಸರ್ಕಾರಿ ಪ್ರಥಮ ದರ್ಜೆ ಕಾಲೇಜಿನಲ್ಲಿ ಇಂದು ನಡೆದ ವಿದ್ಯಾರ್ಥಿಗಳಿಗೆ ಜಾಗೃತಿ ಅರಿವು ಕಾರ್ಯಕ್ರಮದಲ್ಲಿ ಕರ್ನಾಟಕ ಲೋಕಾಯುಕ್ತದ ತುಮಕೂರು ಜಿಲ್ಲಾ ಪೊಲೀಸ್ ಉಪಾಧೀಕ್ಷಕರಾದ ಉಮಾಶಂಕರ್ ಮಾತನಾಡಿದರು. ಪ್ರಾಂಶುಪಾಲರಾದ ಪ್ರೊ. ಹೆಚ್.ಬಿ.ಕುಮಾರಸ್ವಾಮಿ ಪ್ರಾಸ್ತಾವಿಕವಾಗಿ ಮಾತನಾಡಿದರು. ಲೋಕಾಯುಕ್ತ ಇನ್ಸ್‌ಪೆಕ್ಟರ್ ಶಿವಕುಮಾರ್, ಪ್ರಕಾಶ್ ಮತ್ತಿತರರು ಉಪಸ್ಥಿತರಿದ್ದರು. ರಾಷ್ಟ್ರದ ಅಭಿವೃದ್ಧಿ ಕಾರ್ಯಗಳಿಗೆ ಭ್ರಷ್ಟಾಚಾರ ಬಹುದೊಡ್ಡ ತೊಡಕಾಗಿದೆ. ಇದನ್ನು ನಿವಾರಿಸಲು ಎಲ್ಲರೂ ಕೈಜೋಡಿಸಬೇಕು. ಪ್ರತಿಯೊಬ್ಬರೂ ಜಾಗೃತರಾಗಬೇಕು ಎಂದು ತುಮಕೂರು ಲೋಕಾಯುಕ್ತ ಡಿವೈಎಸ್‌ಪಿ ಉಮಾಶಂಕರ್ ತಿಳಿಸಿದರು. ತಿಪಟೂರಿನ ಸರ್ಕಾರಿ ಪ್ರಥಮ ದರ್ಜೆ ಕಾಲೇಜಿನಲ್ಲಿ ವಿದ್ಯಾರ್ಥಿ ಕ್ಷೇಮಾಭಿವೃದ್ಧಿ ಘಟಕ ಮತ್ತು ತುಮಕೂರು ಜಿಲ್ಲೆಯ ಕರ್ನಾಟಕ ಲೋಕಾಯುಕ್ತ ಪೊಲೀಸ್ ಠಾಣೆ ಸಂಯುಕ್ತಾಶ್ರಯದಲ್ಲಿ ಜಾಗೃತಿ ಅರಿವು ಸಪ್ತಾಹದ ಅಂಗವಾಗಿ ಕಾರ್ಯಕ್ರಮವನ್ನು ಹಮ್ಮಿಕೊಳ್ಳಲಾಗಿತ್ತು. ಭ್ರಷ್ಟಾಚಾರ ಇಂದು ಬಹುತೇಕ ಎಲ್ಲಾ ರಂಗಗಳನ್ನು ವ್ಯಾಪಿಸಿದ್ದು ಯುವಜನರು ಈ ಪಿಡುಗಿನ ವಿರುದ್ಧ ಧ್ವನಿ ಎತ್ತಬೇಕು. ಇದರಿಂದ ಸಮಾಜದ ಅಭಿವೃದ್ಧಿ ಮತ್ತು ಪ್ರಾಮಾಣಿಕತೆ ಉಳಿಯುತ್ತದೆ.

ಕುರಿತು ಎಲ್ಲೆಡೆ ಜನ ಜಾಗೃತಿ ಮೂಡಿಸಬೇಕು ಎಂದು ಅವರು ಹೇಳಿದರು. ಸರ್ಕಾರ ಸದಾ ಜನರಿಗಾಗಿ ಶ್ರಮಿಸುತ್ತಿದೆ. ಸರ್ಕಾರದಿಂದ ಯಾವುದೇ ಸೇವೆಯನ್ನು ಪಡೆಯಲು ಸಾರ್ವಜನಿಕರು ಸಕಾಲದಲ್ಲಿ ಅರ್ಜಿ ಸಲ್ಲಿಸಿ ಸೇವೆ ಪಡೆಯಬಹುದು. ನಿರ್ದಿಷ್ಟ ಸಮಯದಲ್ಲಿ ಅಧಿಕಾರಿಗಳು ಸೇವೆ ಒದಗಿಸದೆ ಇರುವುದು ಅಪರಾಧವಾಗಿದೆ. ಅಂತಹ ಅಧಿಕಾರಿಗಳ ವಿರುದ್ಧ ದೂರು ನೀಡಬಹುದು ಎಂದು ಉಮಾಶಂಕರ್ ಅವರು ತಿಳಿಸಿದರು. ಅಧ್ಯಕ್ಷತೆ ವಹಿಸಿದ್ದ ಕಾಲೇಜಿನ ಪ್ರಾಂಶುಪಾಲರಾದ ಪ್ರೊ.ಹೆಚ್.ಬಿ.ಕುಮಾರಸ್ವಾಮಿ ಅವರು ಮಾತನಾಡಿ ಶಿಕ್ಷಣದ ಜೊತೆಗೆ ವಿದ್ಯಾರ್ಥಿಗಳಲ್ಲಿ ಸಮಾಜಮುಖಿ ಚಿಂತನೆ ಬೆಳೆಸಬೇಕು, ಭ್ರಷ್ಟಾಚಾರ ಮುಕ್ತ ಸಮಾಜ ನಿರ್ಮಾಣಕ್ಕೆ ಇಂತಹ ಕಾರ್ಯಕ್ರಮಗಳು ಸಹಕಾರಿ ಎಂದರು. ಈ ಸಂದರ್ಭದಲ್ಲಿ ಲೋಕಾಯುಕ್ತ ಪೊಲೀಸ್ ಇನ್ಸ್‌ಪೆಕ್ಟರ್ ಶಿವಕುಮಾರ್, ಪ್ರಕಾಶ್, ಚಿಕ್ಕಣ್ಣ, ಕಾಲೇಜಿನ ಉಪನ್ಯಾಸಕರು ಮತ್ತು ವಿದ್ಯಾರ್ಥಿಗಳು ಪಾಲ್ಗೊಂಡಿದ್ದರು. ಉಪಸ್ಥಿತರಿದ್ದರು. ವಿದ್ಯಾರ್ಥಿಗಳ ಪಾತ್ರ ಎಂಬ ವಿಷಯದ ಬಗ್ಗೆ ವಿಚಾರ ವಿನಿಮಯ ನಡೆಯಿತು. ಕಾರ್ಯಕ್ರಮದಲ್ಲಿ ವಿದ್ಯಾರ್ಥಿಗಳಿಗೆ ಪ್ರಶ್ನೆ ಮಾಡಲು ಅವಕಾಶ ಕಲ್ಪಿಸಲಾಗಿತ್ತು. ಸಂದರ್ಭದಲ್ಲಿ ಬಹುಮಾನ ವಿತರಿಸಲಾಯಿತು.
